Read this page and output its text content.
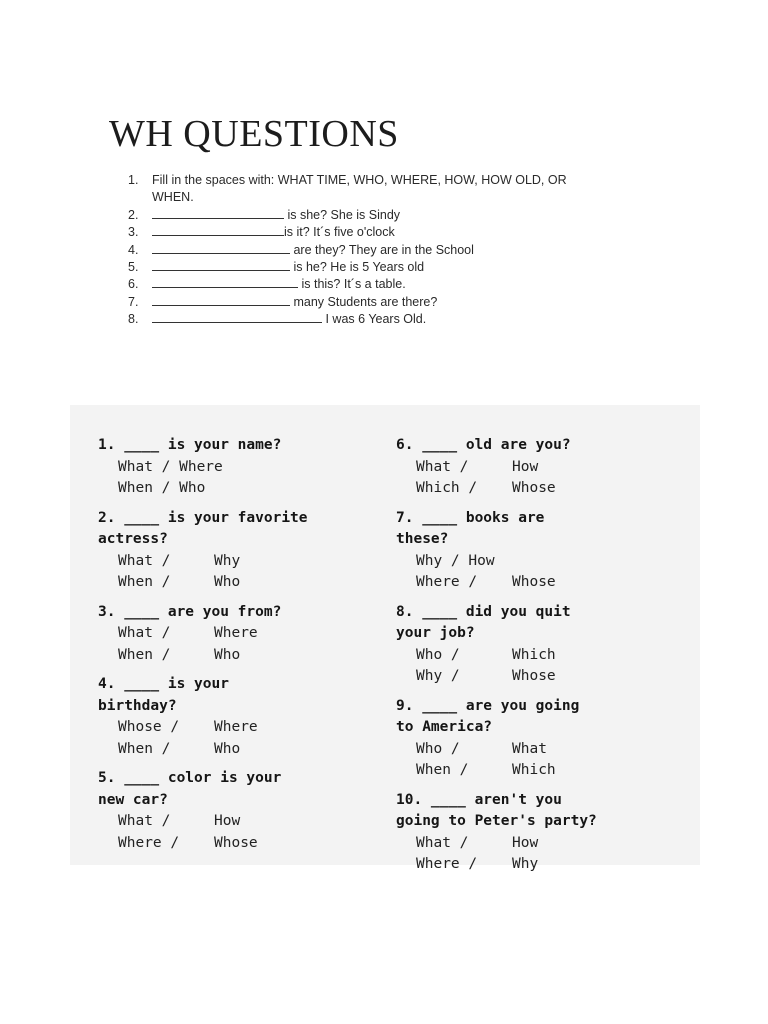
WH QUESTIONS
1.	Fill in the spaces with: WHAT TIME, WHO, WHERE, HOW, HOW OLD, OR
WHEN.
2.	is she? She is Sindy
3.	is it? It´s five o'clock
4.	are they? They are in the School
5.	is he? He is 5 Years old
6.	is this? It´s a table.
7.	many Students are there?
8.	I was 6 Years Old.
1. ____ is your name?
What / Where
When / Who
2. ____ is your favorite
actress?
What /	Why
When /	Who
3. ____ are you from?
What /	Where
When /	Who
4. ____ is your
birthday?
Whose / Where
When /	Who
5. ____ color is your
new car?
What /	How
Where / Whose
6. ____ old are you?
What /	How
Which / Whose
7. ____ books are
these?
Why / How
Where / Whose
8. ____ did you quit
your job?
Who /	Which
Why /	Whose
9. ____ are you going
to America?
Who /	What
When /	Which
10. ____ aren't you
going to Peter's party?
What /	How
Where / Why
